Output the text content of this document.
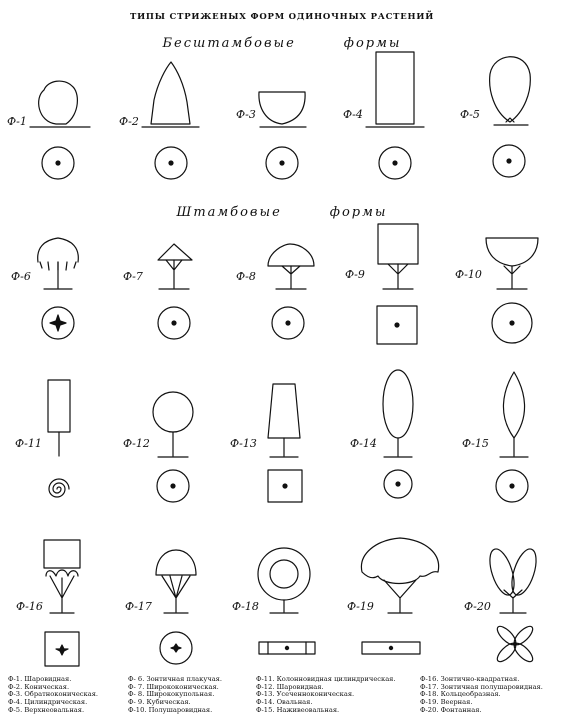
ТИПЫ СТРИЖЕНЫХ ФОРМ ОДИНОЧНЫХ РАСТЕНИЙ
Бесштамбовые	формы
Штамбовые	формы
Ф-1	Ф-2
Ф-3	Ф-4	Ф-5
Ф-6	Ф-7	Ф-8	Ф-9	Ф-10
Ф-11	Ф-12	Ф-13	Ф-14	Ф-15
Ф-16	Ф-17	Ф-18	Ф-19	Ф-20
Ф-1. Шаровидная.
Ф-2. Коническая.
Ф-3. Обратноконическая.
Ф-4. Цилиндрическая.
Ф-5. Верхнеовальная.
Ф- 6. Зонтичная плакучая.
Ф- 7. Ширококоническая.
Ф- 8. Ширококупольная.
Ф- 9. Кубическая.
Ф-10. Полушаровидная.
Ф-11. Колонновидная цилиндрическая.
Ф-12. Шаровидная.
Ф-13. Усеченноконическая.
Ф-14. Овальная.
Ф-15. Наживеовальная.
Ф-16. Зонтично-квадратная.
Ф-17. Зонтичная полушаровидная.
Ф-18. Кольцеобразная.
Ф-19. Веерная.
Ф-20. Фонтанная.
